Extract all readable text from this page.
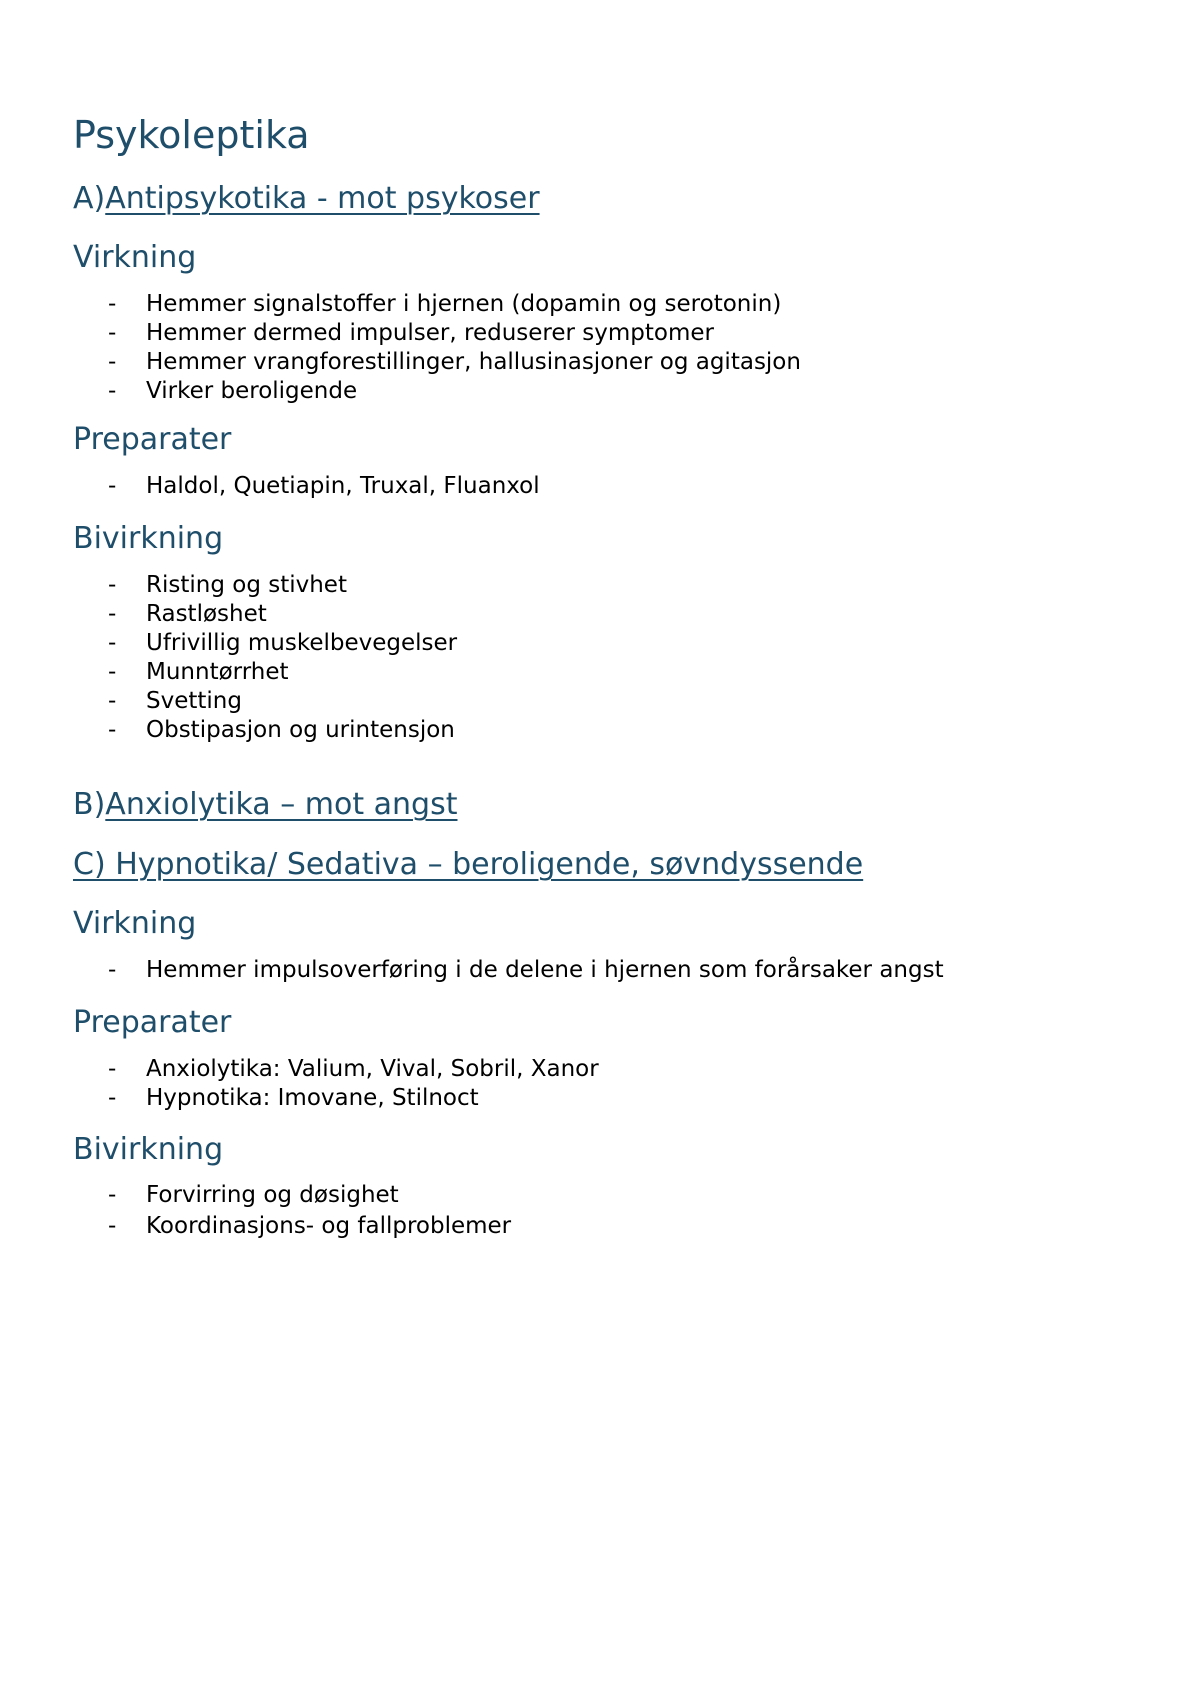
Psykoleptika
A)Antipsykotika - mot psykoser
Virkning
- Hemmer signalstoffer i hjernen (dopamin og serotonin)
- Hemmer dermed impulser, reduserer symptomer
- Hemmer vrangforestillinger, hallusinasjoner og agitasjon
- Virker beroligende
Preparater
- Haldol, Quetiapin, Truxal, Fluanxol
Bivirkning
- Risting og stivhet
- Rastløshet
- Ufrivillig muskelbevegelser
- Munntørrhet
- Svetting
- Obstipasjon og urintensjon
B)Anxiolytika – mot angst
C) Hypnotika/ Sedativa – beroligende, søvndyssende
Virkning
- Hemmer impulsoverføring i de delene i hjernen som forårsaker angst
Preparater
- Anxiolytika: Valium, Vival, Sobril, Xanor
- Hypnotika: Imovane, Stilnoct
Bivirkning
- Forvirring og døsighet
- Koordinasjons- og fallproblemer
